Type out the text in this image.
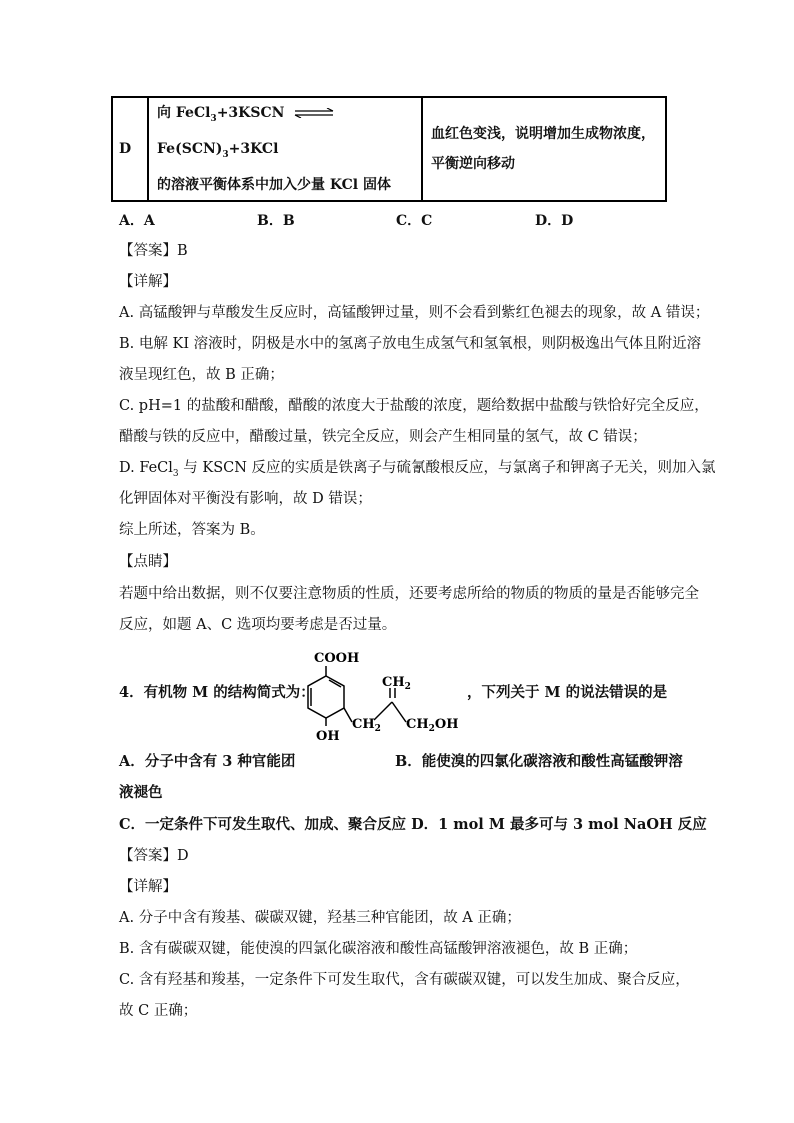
D	
向 FeCl$_3$+3KSCN ⇌ $Fe(SCN)_3+3KCl$
的溶液平衡体系中加入少量 KCl 固体

血红色变浅，说明增加生成物浓度，
平衡逆向移动
A．A	B．B	C．C	D．D
【答案】B
【详解】
A. 高锰酸钾与草酸发生反应时，高锰酸钾过量，则不会看到紫红色褪去的现象，故 A 错误；
B. 电解 KI 溶液时，阴极是水中的氢离子放电生成氢气和氢氧根，则阴极逸出气体且附近溶
液呈现红色，故 B 正确；
C. pH=1 的盐酸和醋酸，醋酸的浓度大于盐酸的浓度，题给数据中盐酸与铁恰好完全反应，
醋酸与铁的反应中，醋酸过量，铁完全反应，则会产生相同量的氢气，故 C 错误；
D. FeCl$_3$ 与 KSCN 反应的实质是铁离子与硫氰酸根反应，与氯离子和钾离子无关，则加入氯
化钾固体对平衡没有影响，故 D 错误；
综上所述，答案为 B。
【点睛】
若题中给出数据，则不仅要注意物质的性质，还要考虑所给的物质的物质的量是否能够完全
反应，如题 A、C 选项均要考虑是否过量。
4．有机物 M 的结构简式为：	，下列关于 M 的说法错误的是
COOH
$CH_2$
$CH_2$ $CH_2OH$
OH
A．分子中含有 3 种官能团	B．能使溴的四氯化碳溶液和酸性高锰酸钾溶
液褪色
C．一定条件下可发生取代、加成、聚合反应 D．1 mol M 最多可与 3 mol NaOH 反应
【答案】D
【详解】
A. 分子中含有羧基、碳碳双键，羟基三种官能团，故 A 正确；
B. 含有碳碳双键，能使溴的四氯化碳溶液和酸性高锰酸钾溶液褪色，故 B 正确；
C. 含有羟基和羧基，一定条件下可发生取代，含有碳碳双键，可以发生加成、聚合反应，
故 C 正确；
